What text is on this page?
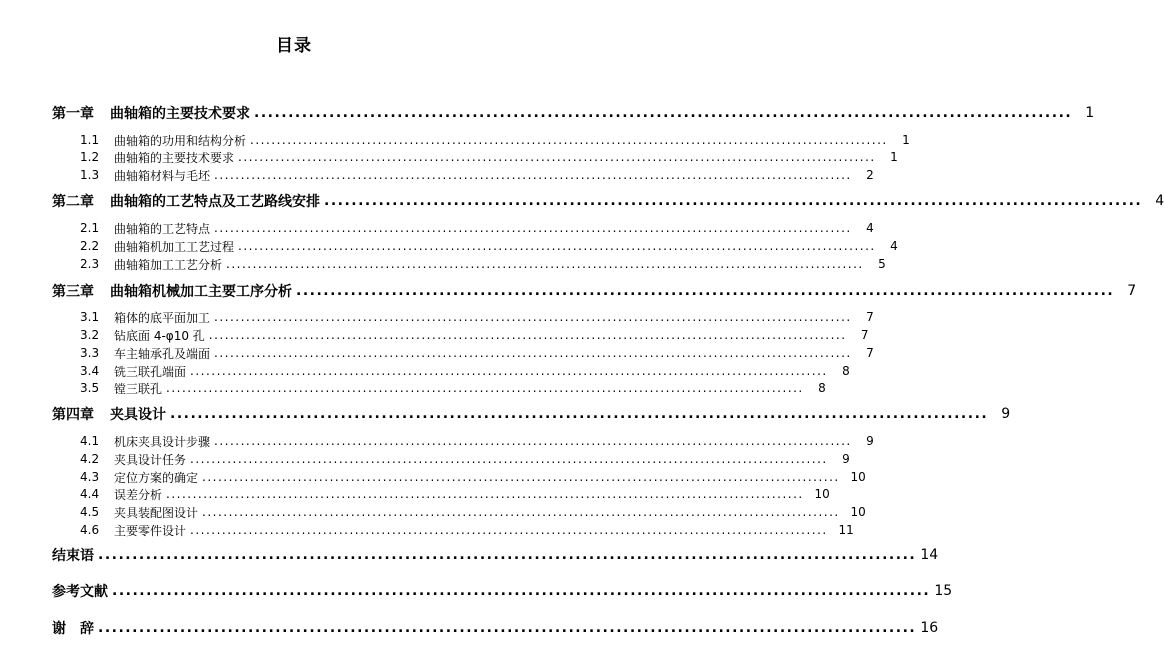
目录
第一章 曲轴箱的主要技术要求 ........................................................................................................................ 1
1.1	曲轴箱的功用和结构分析 ........................................................................................................................	1
1.2	曲轴箱的主要技术要求 ........................................................................................................................	1
1.3	曲轴箱材料与毛坯 ........................................................................................................................	2
第二章 曲轴箱的工艺特点及工艺路线安排 ........................................................................................................................ 4
2.1	曲轴箱的工艺特点 ........................................................................................................................	4
2.2	曲轴箱机加工工艺过程 ........................................................................................................................	4
2.3	曲轴箱加工工艺分析 ........................................................................................................................	5
第三章 曲轴箱机械加工主要工序分析 ........................................................................................................................ 7
3.1	箱体的底平面加工 ........................................................................................................................	7
3.2	钻底面 4-φ10 孔 ........................................................................................................................	7
3.3	车主轴承孔及端面 ........................................................................................................................	7
3.4	铣三联孔端面 ........................................................................................................................	8
3.5	镗三联孔 ........................................................................................................................	8
第四章 夹具设计 ........................................................................................................................ 9
4.1	机床夹具设计步骤 ........................................................................................................................	9
4.2	夹具设计任务 ........................................................................................................................	9
4.3	定位方案的确定 ........................................................................................................................ 10
4.4	误差分析 ........................................................................................................................ 10
4.5	夹具装配图设计 ........................................................................................................................ 10
4.6	主要零件设计 ........................................................................................................................ 11
结束语 ........................................................................................................................ 14
参考文献 ........................................................................................................................ 15
谢　辞 ........................................................................................................................ 16
